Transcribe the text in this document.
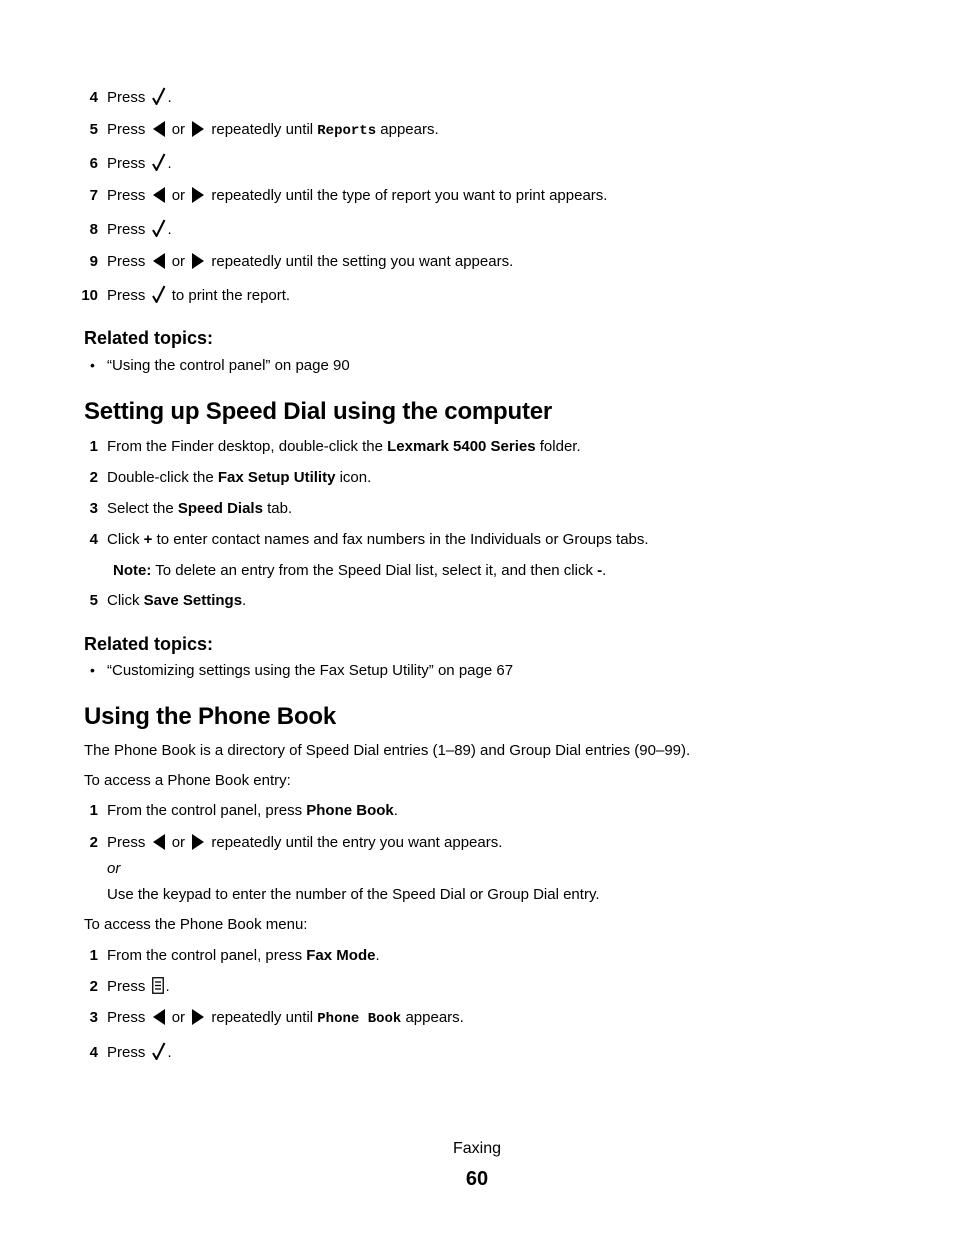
4 Press .
5 Press or repeatedly until Reports appears.
6 Press .
7 Press or repeatedly until the type of report you want to print appears.
8 Press .
9 Press or repeatedly until the setting you want appears.
10 Press to print the report.
Related topics:
• “Using the control panel” on page 90
Setting up Speed Dial using the computer
1 From the Finder desktop, double-click the Lexmark 5400 Series folder.
2 Double-click the Fax Setup Utility icon.
3 Select the Speed Dials tab.
4 Click + to enter contact names and fax numbers in the Individuals or Groups tabs.
Note: To delete an entry from the Speed Dial list, select it, and then click -.
5 Click Save Settings.
Related topics:
• “Customizing settings using the Fax Setup Utility” on page 67
Using the Phone Book
The Phone Book is a directory of Speed Dial entries (1–89) and Group Dial entries (90–99).
To access a Phone Book entry:
1 From the control panel, press Phone Book.
2 Press or repeatedly until the entry you want appears.
or
Use the keypad to enter the number of the Speed Dial or Group Dial entry.
To access the Phone Book menu:
1 From the control panel, press Fax Mode.
2 Press .
3 Press or repeatedly until Phone Book appears.
4 Press .
Faxing
60
